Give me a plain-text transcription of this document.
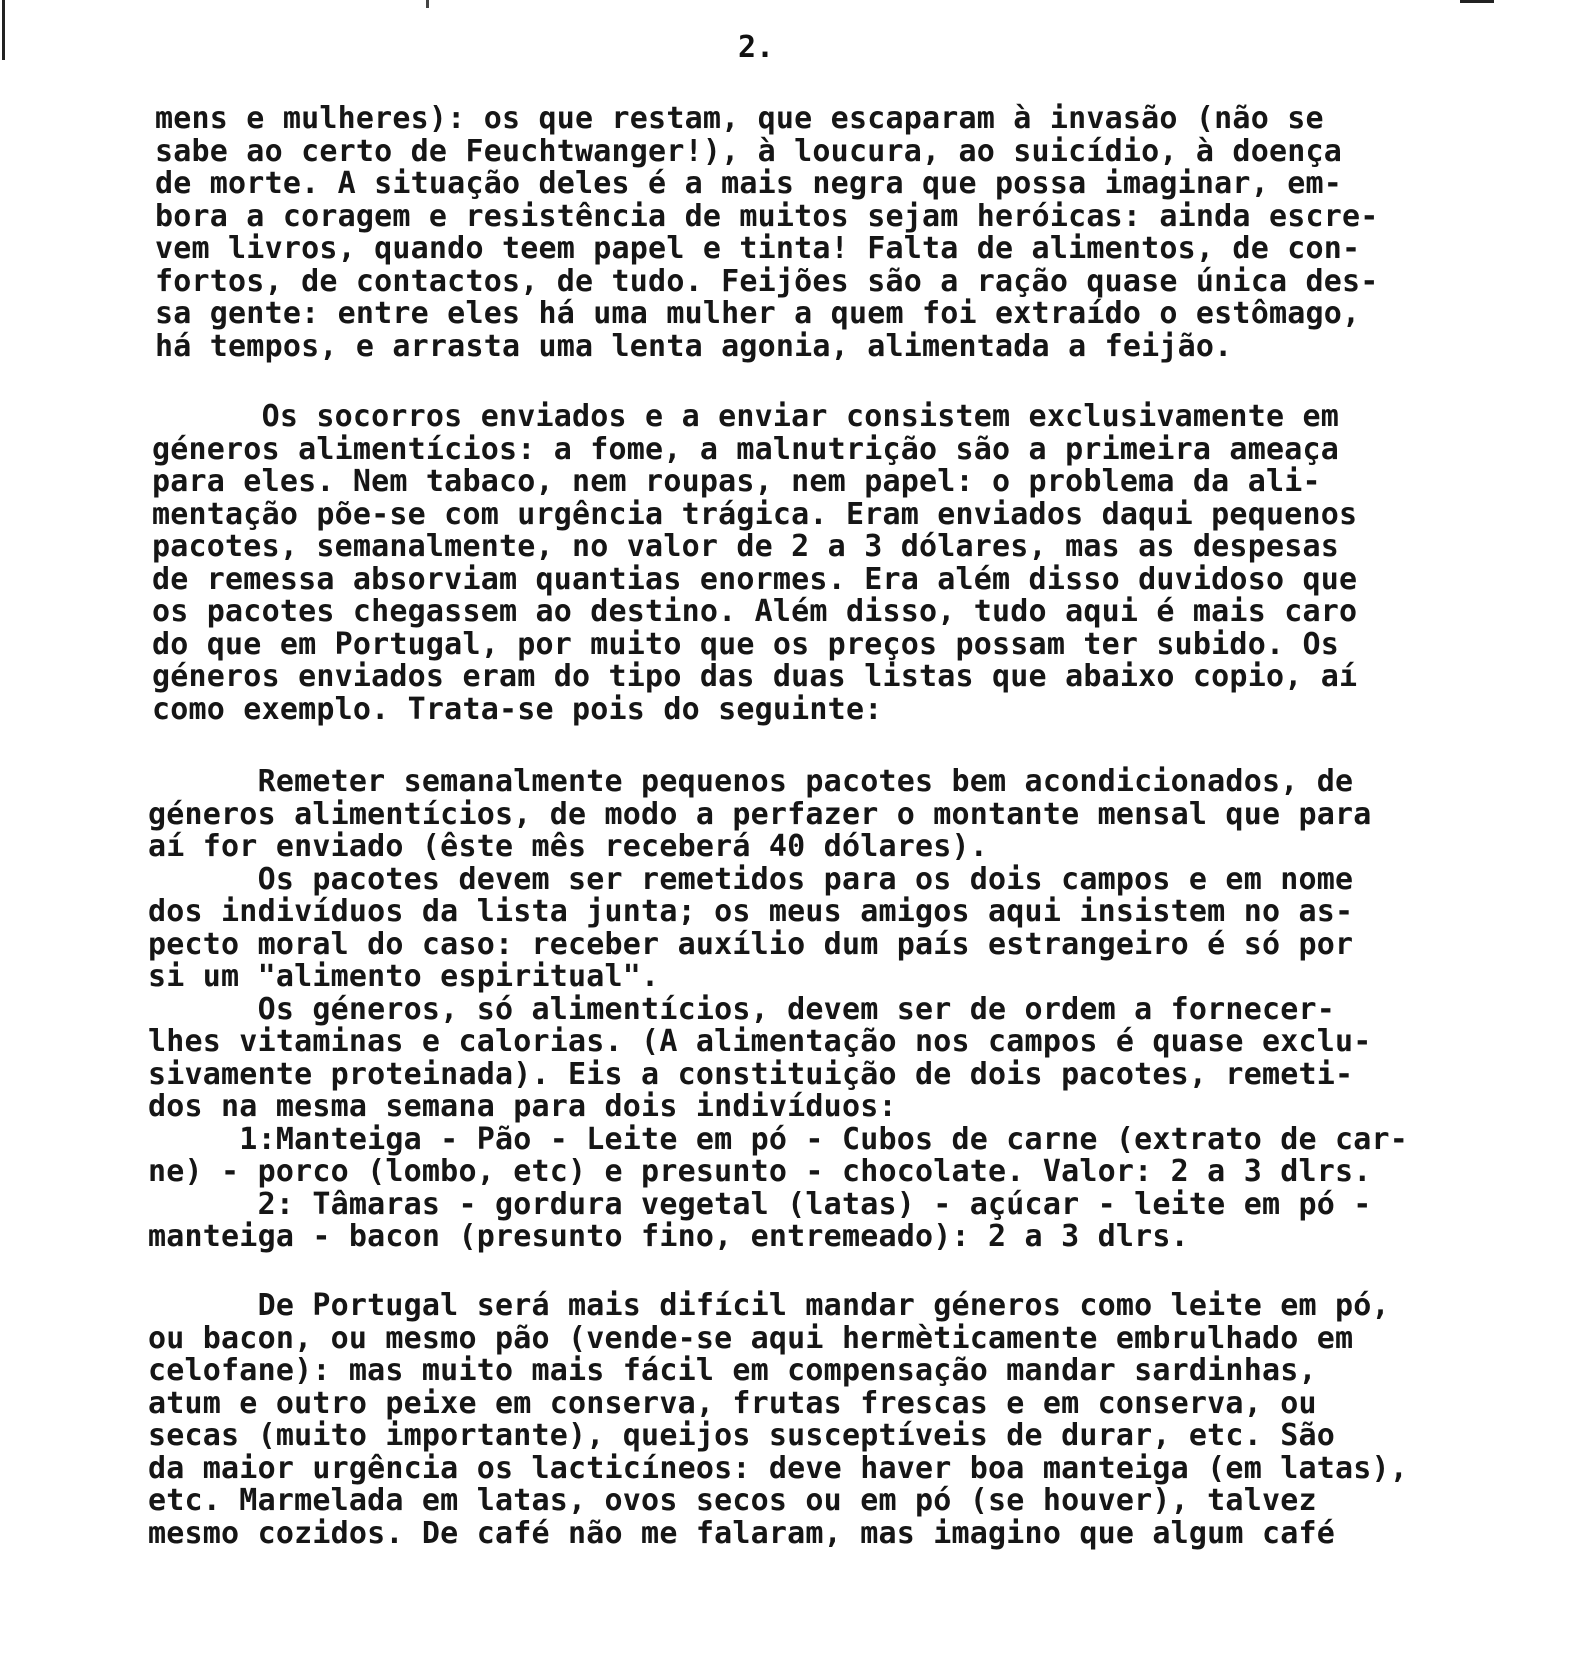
2.

mens e mulheres): os que restam, que escaparam à invasão (não se
sabe ao certo de Feuchtwanger!), à loucura, ao suicídio, à doença
de morte. A situação deles é a mais negra que possa imaginar, em-
bora a coragem e resistência de muitos sejam heróicas: ainda escre-
vem livros, quando teem papel e tinta! Falta de alimentos, de con-
fortos, de contactos, de tudo. Feijões são a ração quase única des-
sa gente: entre eles há uma mulher a quem foi extraído o estômago,
há tempos, e arrasta uma lenta agonia, alimentada a feijão.

Os socorros enviados e a enviar consistem exclusivamente em
géneros alimentícios: a fome, a malnutrição são a primeira ameaça
para eles. Nem tabaco, nem roupas, nem papel: o problema da ali-
mentação põe-se com urgência trágica. Eram enviados daqui pequenos
pacotes, semanalmente, no valor de 2 a 3 dólares, mas as despesas
de remessa absorviam quantias enormes. Era além disso duvidoso que
os pacotes chegassem ao destino. Além disso, tudo aqui é mais caro
do que em Portugal, por muito que os preços possam ter subido. Os
géneros enviados eram do tipo das duas listas que abaixo copio, aí
como exemplo. Trata-se pois do seguinte:

Remeter semanalmente pequenos pacotes bem acondicionados, de
géneros alimentícios, de modo a perfazer o montante mensal que para
aí for enviado (êste mês receberá 40 dólares).
Os pacotes devem ser remetidos para os dois campos e em nome
dos indivíduos da lista junta; os meus amigos aqui insistem no as-
pecto moral do caso: receber auxílio dum país estrangeiro é só por
si um "alimento espiritual".
Os géneros, só alimentícios, devem ser de ordem a fornecer-
lhes vitaminas e calorias. (A alimentação nos campos é quase exclu-
sivamente proteinada). Eis a constituição de dois pacotes, remeti-
dos na mesma semana para dois indivíduos:
1:Manteiga - Pão - Leite em pó - Cubos de carne (extrato de car-
ne) - porco (lombo, etc) e presunto - chocolate. Valor: 2 a 3 dlrs.
2: Tâmaras - gordura vegetal (latas) - açúcar - leite em pó -
manteiga - bacon (presunto fino, entremeado): 2 a 3 dlrs.

De Portugal será mais difícil mandar géneros como leite em pó,
ou bacon, ou mesmo pão (vende-se aqui hermèticamente embrulhado em
celofane): mas muito mais fácil em compensação mandar sardinhas,
atum e outro peixe em conserva, frutas frescas e em conserva, ou
secas (muito importante), queijos susceptíveis de durar, etc. São
da maior urgência os lacticíneos: deve haver boa manteiga (em latas),
etc. Marmelada em latas, ovos secos ou em pó (se houver), talvez
mesmo cozidos. De café não me falaram, mas imagino que algum café
